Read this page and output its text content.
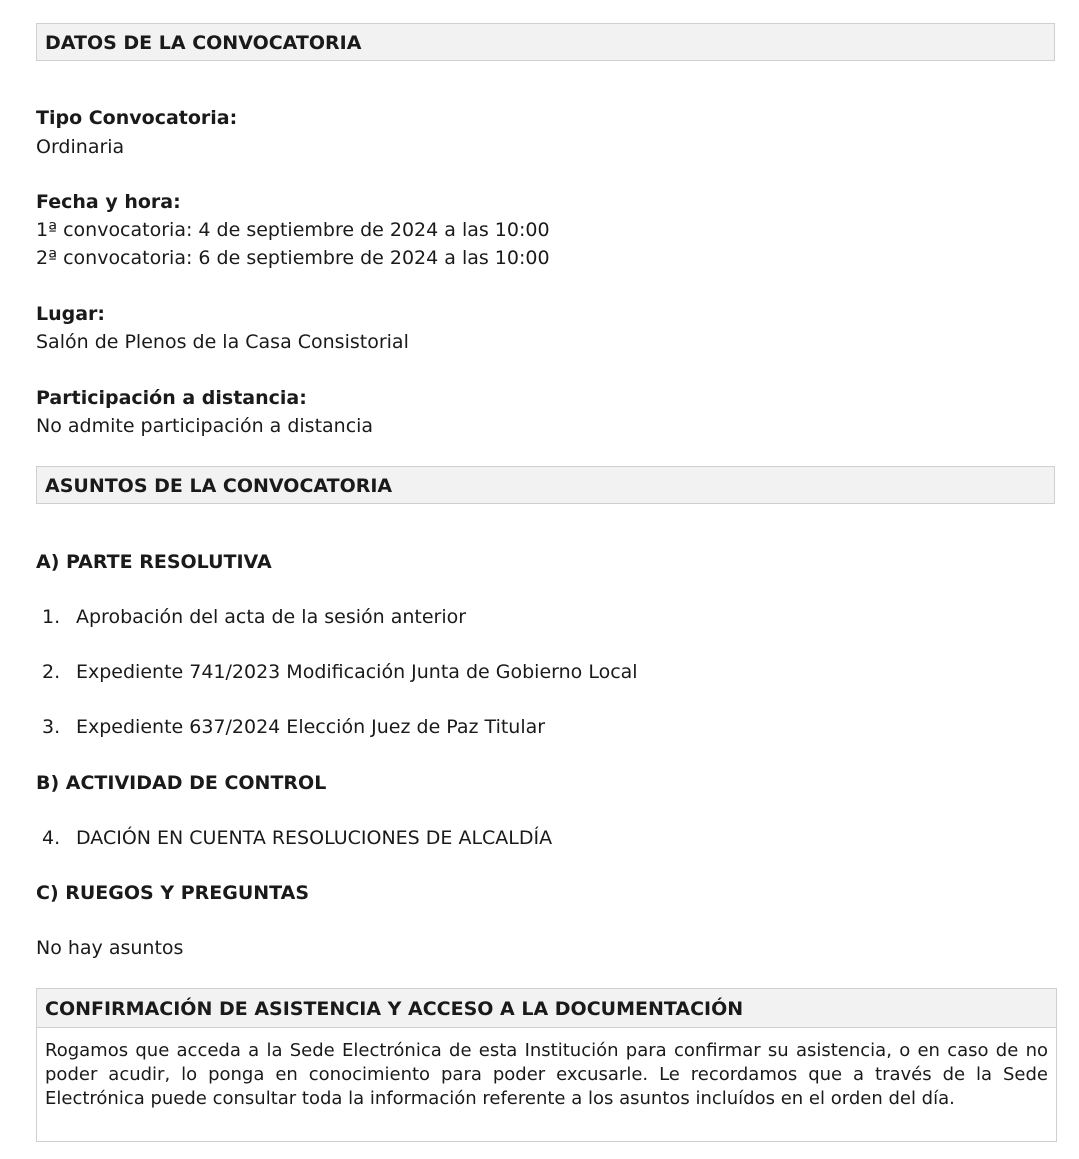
DATOS DE LA CONVOCATORIA
Tipo Convocatoria:
Ordinaria
Fecha y hora:
1ª convocatoria: 4 de septiembre de 2024 a las 10:00
2ª convocatoria: 6 de septiembre de 2024 a las 10:00
Lugar:
Salón de Plenos de la Casa Consistorial
Participación a distancia:
No admite participación a distancia
ASUNTOS DE LA CONVOCATORIA
A) PARTE RESOLUTIVA
1. Aprobación del acta de la sesión anterior
2. Expediente 741/2023 Modificación Junta de Gobierno Local
3. Expediente 637/2024 Elección Juez de Paz Titular
B) ACTIVIDAD DE CONTROL
4. DACIÓN EN CUENTA RESOLUCIONES DE ALCALDÍA
C) RUEGOS Y PREGUNTAS
No hay asuntos
CONFIRMACIÓN DE ASISTENCIA Y ACCESO A LA DOCUMENTACIÓN
Rogamos que acceda a la Sede Electrónica de esta Institución para confirmar su asistencia, o en caso de no poder acudir, lo ponga en conocimiento para poder excusarle. Le recordamos que a través de la Sede Electrónica puede consultar toda la información referente a los asuntos incluídos en el orden del día.
